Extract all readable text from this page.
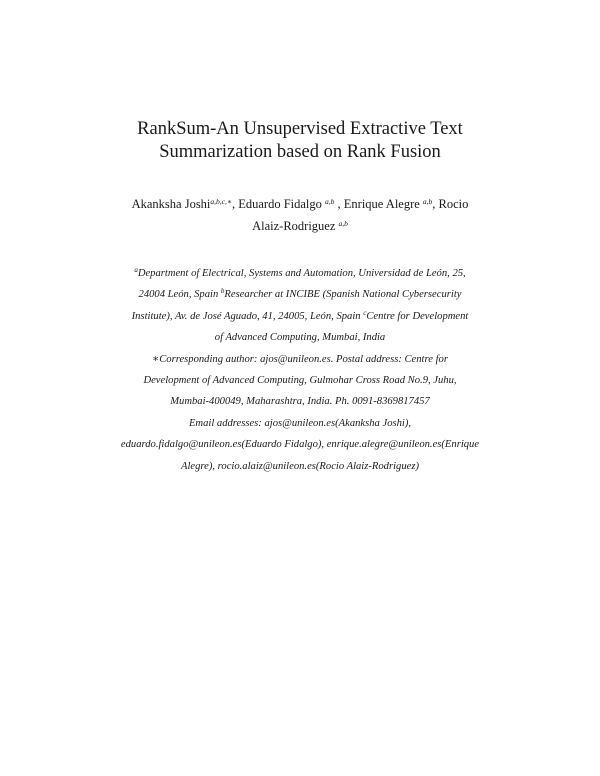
RankSum-An Unsupervised Extractive Text
Summarization based on Rank Fusion
Akanksha Joshi$^{a,b,c,∗}$, Eduardo Fidalgo $^{a,b}$ , Enrique Alegre $^{a,b}$, Rocio
Alaiz-Rodriguez $^{a,b}$
$^a$Department of Electrical, Systems and Automation, Universidad de León, 25,
24004 León, Spain $^b$Researcher at INCIBE (Spanish National Cybersecurity
Institute), Av. de José Aguado, 41, 24005, León, Spain $^c$Centre for Development
of Advanced Computing, Mumbai, India
∗Corresponding author: ajos@unileon.es. Postal address: Centre for
Development of Advanced Computing, Gulmohar Cross Road No.9, Juhu,
Mumbai-400049, Maharashtra, India. Ph. 0091-8369817457
Email addresses: ajos@unileon.es(Akanksha Joshi),
eduardo.fidalgo@unileon.es(Eduardo Fidalgo), enrique.alegre@unileon.es(Enrique
Alegre), rocio.alaiz@unileon.es(Rocio Alaiz-Rodriguez)
